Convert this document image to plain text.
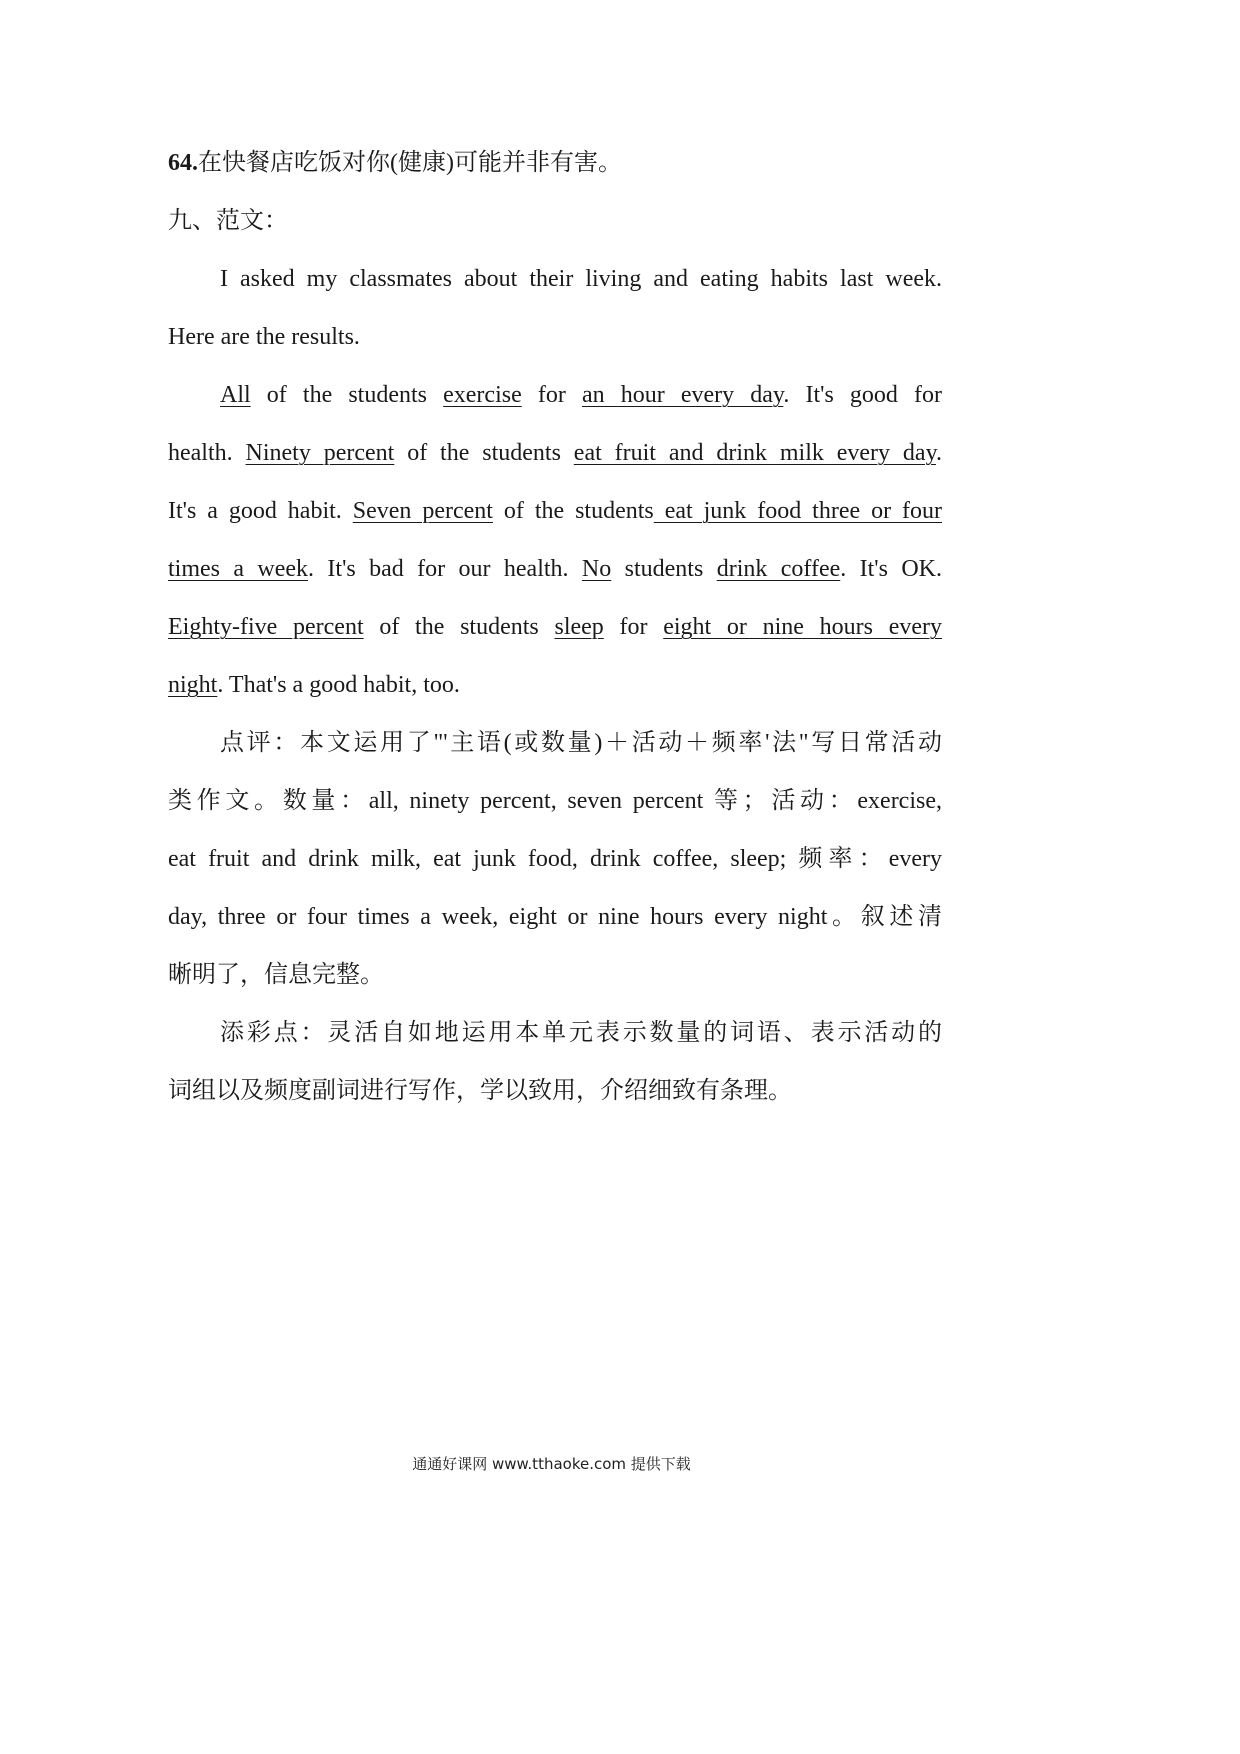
64.在快餐店吃饭对你(健康)可能并非有害。
九、范文：
I asked my classmates about their living and eating habits last week.
Here are the results.
All of the students exercise for an hour every day. It's good for
health. Ninety percent of the students eat fruit and drink milk every day.
It's a good habit. Seven percent of the students eat junk food three or four
times a week. It's bad for our health. No students drink coffee. It's OK.
Eighty-five percent of the students sleep for eight or nine hours every
night. That's a good habit, too.
点评：本文运用了"'主语(或数量)＋活动＋频率'法"写日常活动
类作文。数量：all, ninety percent, seven percent 等；活动：exercise,
eat fruit and drink milk, eat junk food, drink coffee, sleep; 频率：every
day, three or four times a week, eight or nine hours every night。叙述清
晰明了，信息完整。
添彩点：灵活自如地运用本单元表示数量的词语、表示活动的
词组以及频度副词进行写作，学以致用，介绍细致有条理。
通通好课网 www.tthaoke.com 提供下载
